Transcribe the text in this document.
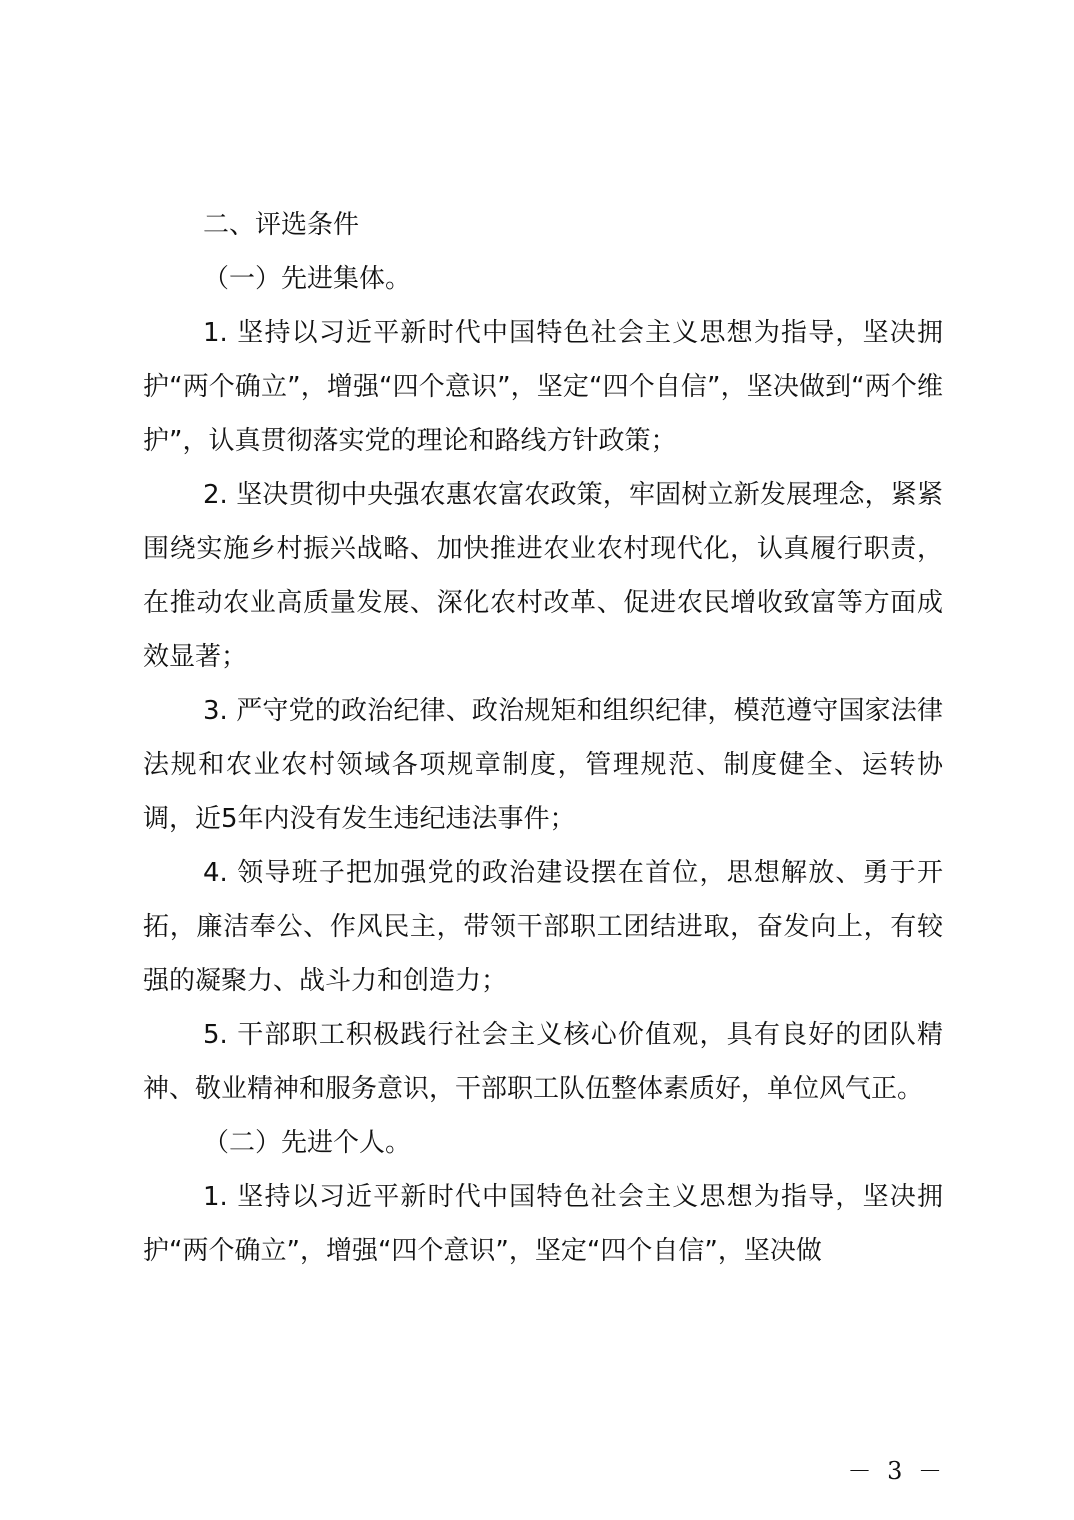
二、评选条件

（一）先进集体。

1. 坚持以习近平新时代中国特色社会主义思想为指导，坚决拥护“两个确立”，增强“四个意识”，坚定“四个自信”，坚决做到“两个维护”，认真贯彻落实党的理论和路线方针政策；

2. 坚决贯彻中央强农惠农富农政策，牢固树立新发展理念，紧紧围绕实施乡村振兴战略、加快推进农业农村现代化，认真履行职责，在推动农业高质量发展、深化农村改革、促进农民增收致富等方面成效显著；

3. 严守党的政治纪律、政治规矩和组织纪律，模范遵守国家法律法规和农业农村领域各项规章制度，管理规范、制度健全、运转协调，近5年内没有发生违纪违法事件；

4. 领导班子把加强党的政治建设摆在首位，思想解放、勇于开拓，廉洁奉公、作风民主，带领干部职工团结进取，奋发向上，有较强的凝聚力、战斗力和创造力；

5. 干部职工积极践行社会主义核心价值观，具有良好的团队精神、敬业精神和服务意识，干部职工队伍整体素质好，单位风气正。

（二）先进个人。

1. 坚持以习近平新时代中国特色社会主义思想为指导，坚决拥护“两个确立”，增强“四个意识”，坚定“四个自信”，坚决做

－ 3 －
